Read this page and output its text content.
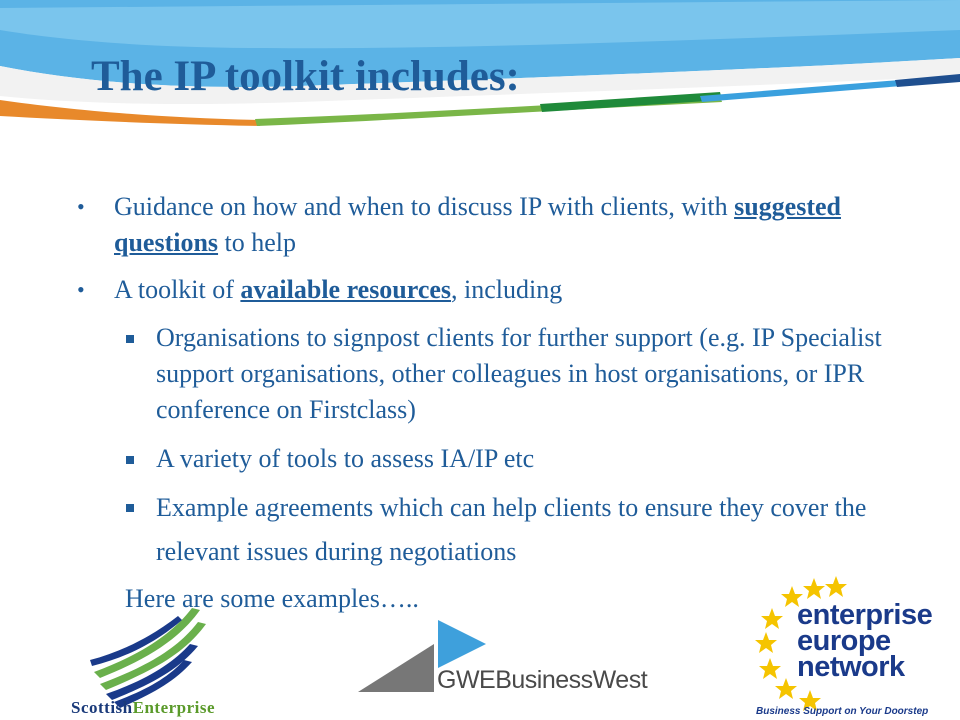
The IP toolkit includes:
• Guidance on how and when to discuss IP with clients, with suggested questions to help
• A toolkit of available resources, including
Organisations to signpost clients for further support (e.g. IP Specialist support organisations, other colleagues in host organisations, or IPR conference on Firstclass)
A variety of tools to assess IA/IP etc
Example agreements which can help clients to ensure they cover the relevant issues during negotiations
Here are some examples…..
ScottishEnterprise
GWEBusinessWest
enterprise
europe
network
Business Support on Your Doorstep
